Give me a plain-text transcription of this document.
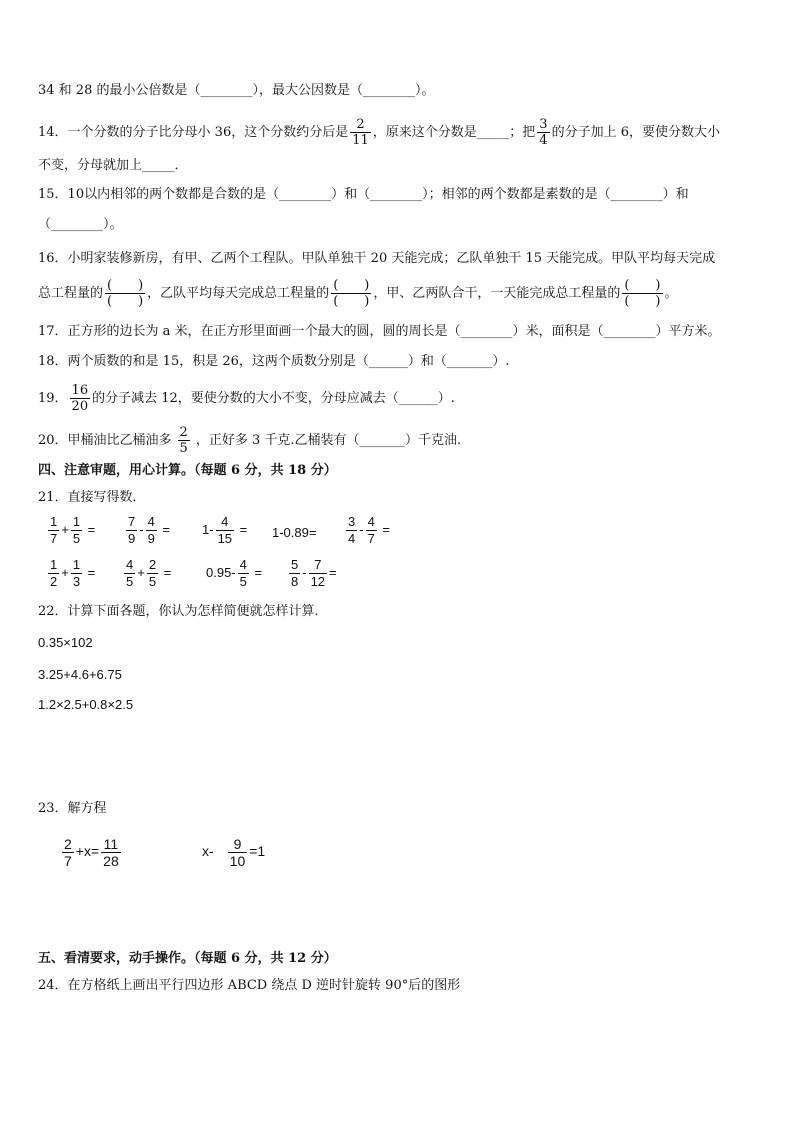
34 和 28 的最小公倍数是（________），最大公因数是（________）。
14．一个分数的分子比分母小 36，这个分数约分后是 $\frac{2}{11}$ ，原来这个分数是_____；把 $\frac{3}{4}$ 的分子加上 6，要使分数大小
不变，分母就加上_____．
15．10以内相邻的两个数都是合数的是（________）和（________）；相邻的两个数都是素数的是（________）和
（________）。
16．小明家装修新房，有甲、乙两个工程队。甲队单独干 20 天能完成；乙队单独干 15 天能完成。甲队平均每天完成
总工程量的
(　　)
(　　)
，乙队平均每天完成总工程量的
(　　)
(　　)
，甲、乙两队合干，一天能完成总工程量的
(　　)
(　　)
。
17．正方形的边长为 a 米，在正方形里面画一个最大的圆，圆的周长是（________）米，面积是（________）平方米。
18．两个质数的和是 15，积是 26，这两个质数分别是（______）和（_______）.
19． $\frac{16}{20}$ 的分子减去 12，要使分数的大小不变，分母应减去（______）.
20．甲桶油比乙桶油多 $\frac{2}{5}$ ，正好多 3 千克.乙桶装有（_______）千克油.
四、注意审题，用心计算。（每题 6 分，共 18 分）
21．直接写得数．
$\frac{1}{7} + \frac{1}{5} = \frac{7}{9} - \frac{4}{9} = 1- \frac{4}{15} = 1-0.89= \frac{3}{4} - \frac{4}{7}$ =
$\frac{1}{2} + \frac{1}{3} = \frac{4}{5} + \frac{2}{5}$ =	$0.95- \frac{4}{5} = \frac{5}{8} - \frac{7}{12}$ =
22．计算下面各题，你认为怎样简便就怎样计算．
0.35×102
3.25+4.6+6.75
1.2×2.5+0.8×2.5
23．解方程
$\frac{2}{7} +x= \frac{11}{28}$	$x- \frac{9}{10} =1$
五、看清要求，动手操作。（每题 6 分，共 12 分）
24．在方格纸上画出平行四边形 ABCD 绕点 D 逆时针旋转 90°后的图形
